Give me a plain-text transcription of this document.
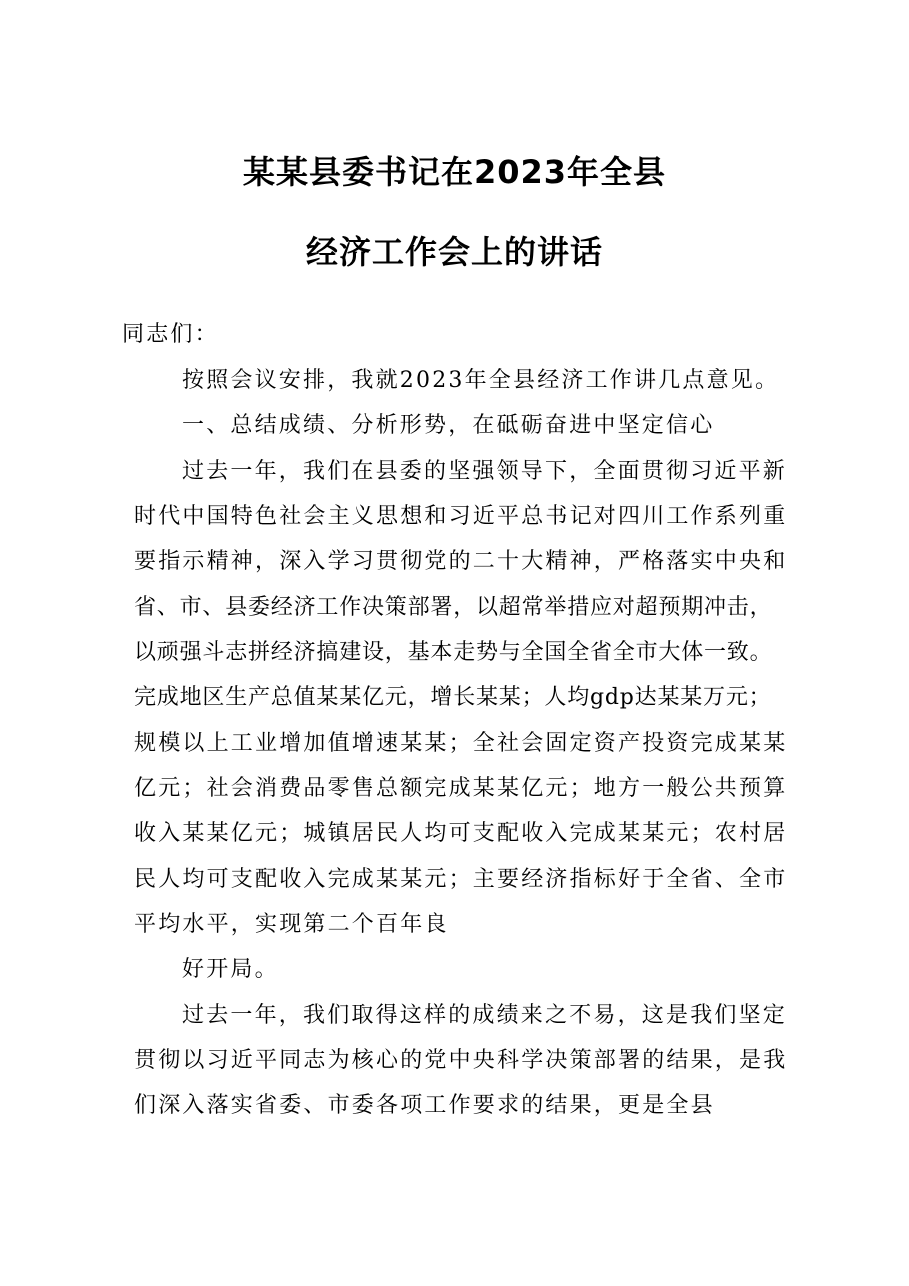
某某县委书记在2023年全县
经济工作会上的讲话
同志们：
按照会议安排，我就2023年全县经济工作讲几点意见。
一、总结成绩、分析形势，在砥砺奋进中坚定信心
过去一年，我们在县委的坚强领导下，全面贯彻习近平新
时代中国特色社会主义思想和习近平总书记对四川工作系列重
要指示精神，深入学习贯彻党的二十大精神，严格落实中央和
省、市、县委经济工作决策部署，以超常举措应对超预期冲击，
以顽强斗志拼经济搞建设，基本走势与全国全省全市大体一致。
完成地区生产总值某某亿元，增长某某；人均gdp达某某万元；
规模以上工业增加值增速某某；全社会固定资产投资完成某某
亿元；社会消费品零售总额完成某某亿元；地方一般公共预算
收入某某亿元；城镇居民人均可支配收入完成某某元；农村居
民人均可支配收入完成某某元；主要经济指标好于全省、全市
平均水平，实现第二个百年良
好开局。
过去一年，我们取得这样的成绩来之不易，这是我们坚定
贯彻以习近平同志为核心的党中央科学决策部署的结果，是我
们深入落实省委、市委各项工作要求的结果，更是全县
